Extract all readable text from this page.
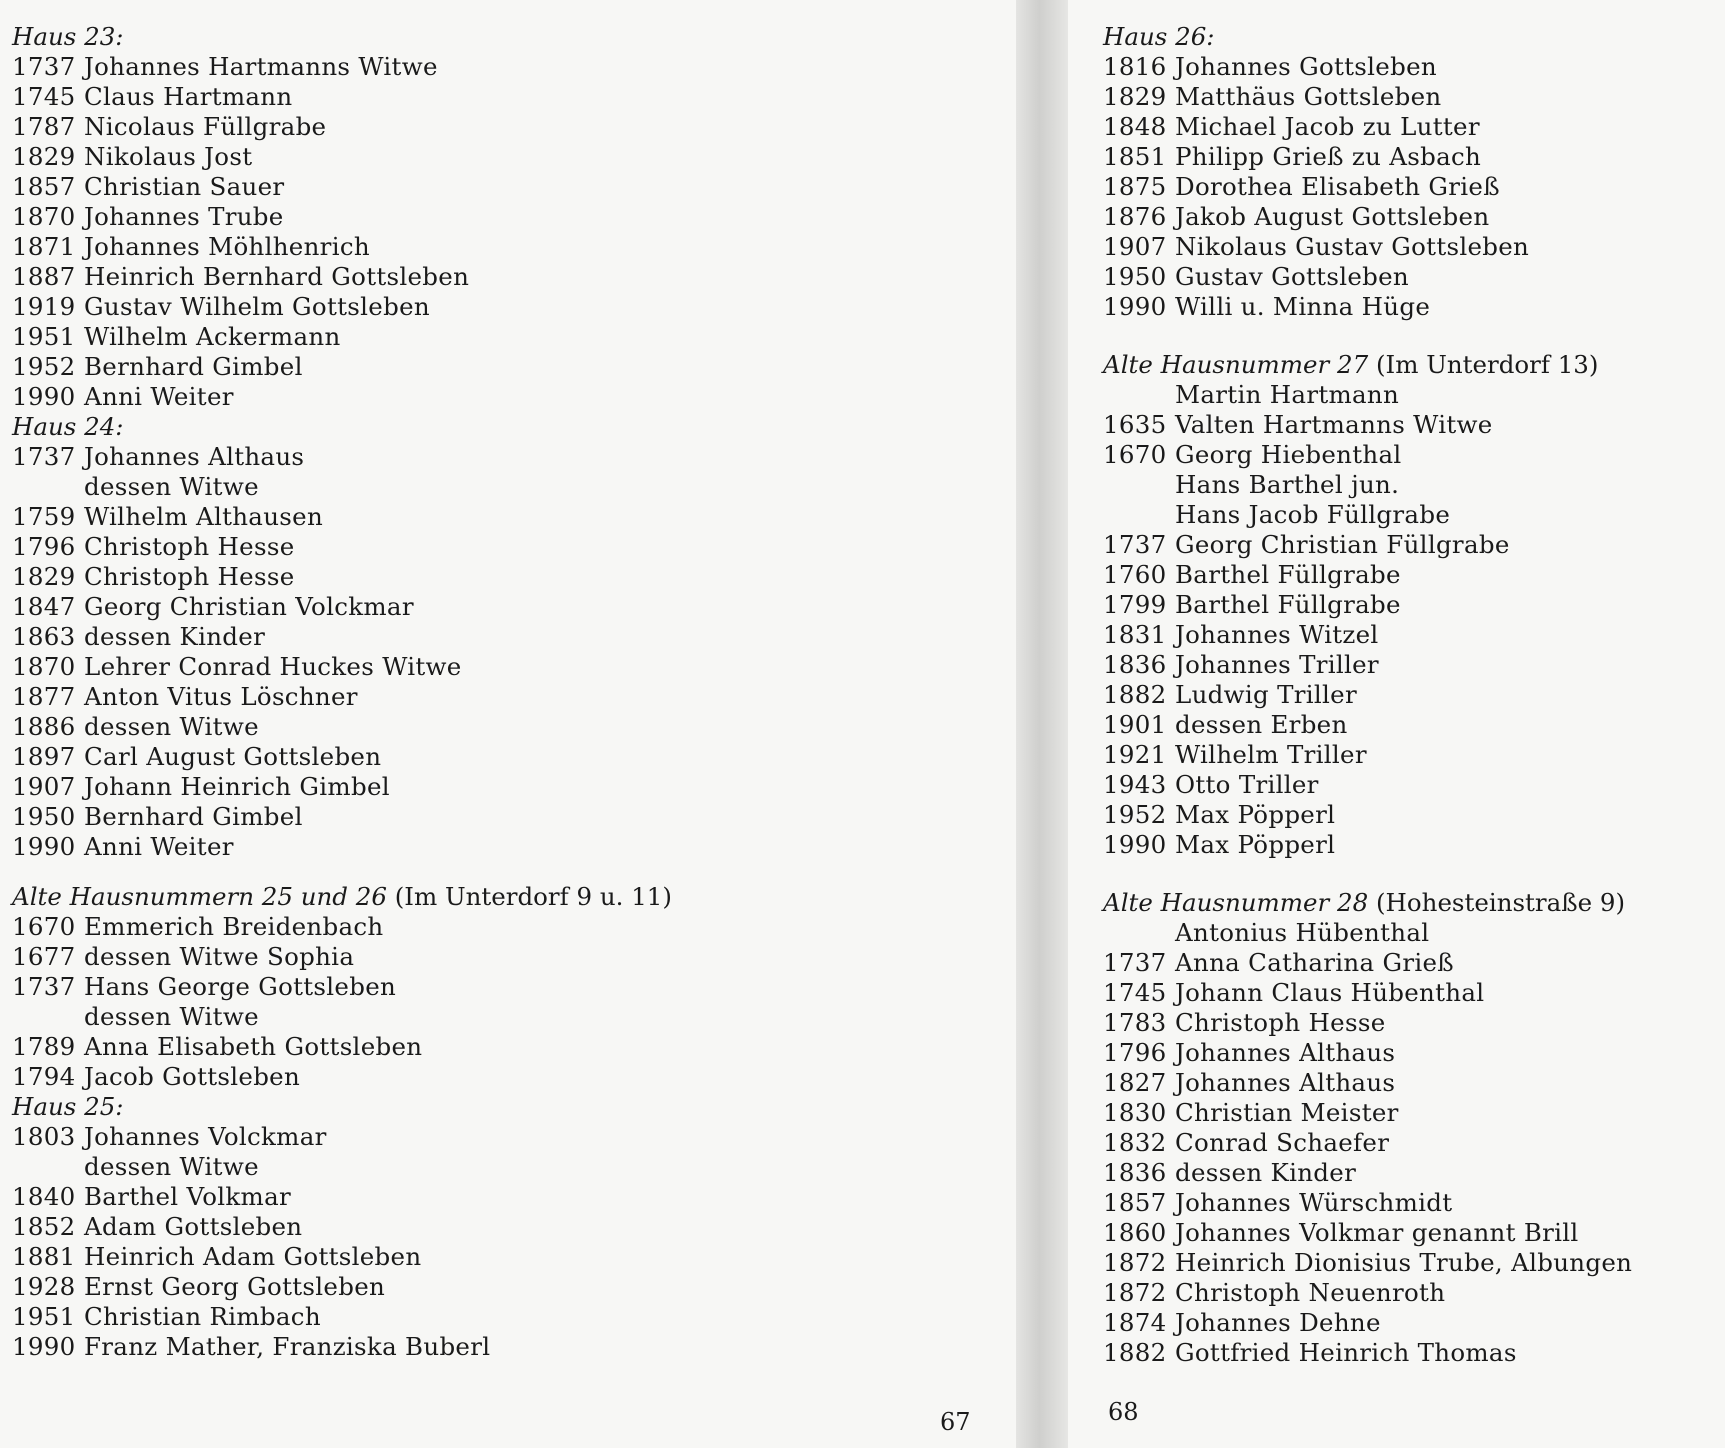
Haus 23:
1737 Johannes Hartmanns Witwe
1745 Claus Hartmann
1787 Nicolaus Füllgrabe
1829 Nikolaus Jost
1857 Christian Sauer
1870 Johannes Trube
1871 Johannes Möhlhenrich
1887 Heinrich Bernhard Gottsleben
1919 Gustav Wilhelm Gottsleben
1951 Wilhelm Ackermann
1952 Bernhard Gimbel
1990 Anni Weiter
Haus 24:
1737 Johannes Althaus
dessen Witwe
1759 Wilhelm Althausen
1796 Christoph Hesse
1829 Christoph Hesse
1847 Georg Christian Volckmar
1863 dessen Kinder
1870 Lehrer Conrad Huckes Witwe
1877 Anton Vitus Löschner
1886 dessen Witwe
1897 Carl August Gottsleben
1907 Johann Heinrich Gimbel
1950 Bernhard Gimbel
1990 Anni Weiter
Alte Hausnummern 25 und 26 (Im Unterdorf 9 u. 11)
1670 Emmerich Breidenbach
1677 dessen Witwe Sophia
1737 Hans George Gottsleben
dessen Witwe
1789 Anna Elisabeth Gottsleben
1794 Jacob Gottsleben
Haus 25:
1803 Johannes Volckmar
dessen Witwe
1840 Barthel Volkmar
1852 Adam Gottsleben
1881 Heinrich Adam Gottsleben
1928 Ernst Georg Gottsleben
1951 Christian Rimbach
1990 Franz Mather, Franziska Buberl
67
Haus 26:
1816 Johannes Gottsleben
1829 Matthäus Gottsleben
1848 Michael Jacob zu Lutter
1851 Philipp Grieß zu Asbach
1875 Dorothea Elisabeth Grieß
1876 Jakob August Gottsleben
1907 Nikolaus Gustav Gottsleben
1950 Gustav Gottsleben
1990 Willi u. Minna Hüge
Alte Hausnummer 27 (Im Unterdorf 13)
Martin Hartmann
1635 Valten Hartmanns Witwe
1670 Georg Hiebenthal
Hans Barthel jun.
Hans Jacob Füllgrabe
1737 Georg Christian Füllgrabe
1760 Barthel Füllgrabe
1799 Barthel Füllgrabe
1831 Johannes Witzel
1836 Johannes Triller
1882 Ludwig Triller
1901 dessen Erben
1921 Wilhelm Triller
1943 Otto Triller
1952 Max Pöpperl
1990 Max Pöpperl
Alte Hausnummer 28 (Hohesteinstraße 9)
Antonius Hübenthal
1737 Anna Catharina Grieß
1745 Johann Claus Hübenthal
1783 Christoph Hesse
1796 Johannes Althaus
1827 Johannes Althaus
1830 Christian Meister
1832 Conrad Schaefer
1836 dessen Kinder
1857 Johannes Würschmidt
1860 Johannes Volkmar genannt Brill
1872 Heinrich Dionisius Trube, Albungen
1872 Christoph Neuenroth
1874 Johannes Dehne
1882 Gottfried Heinrich Thomas
68
